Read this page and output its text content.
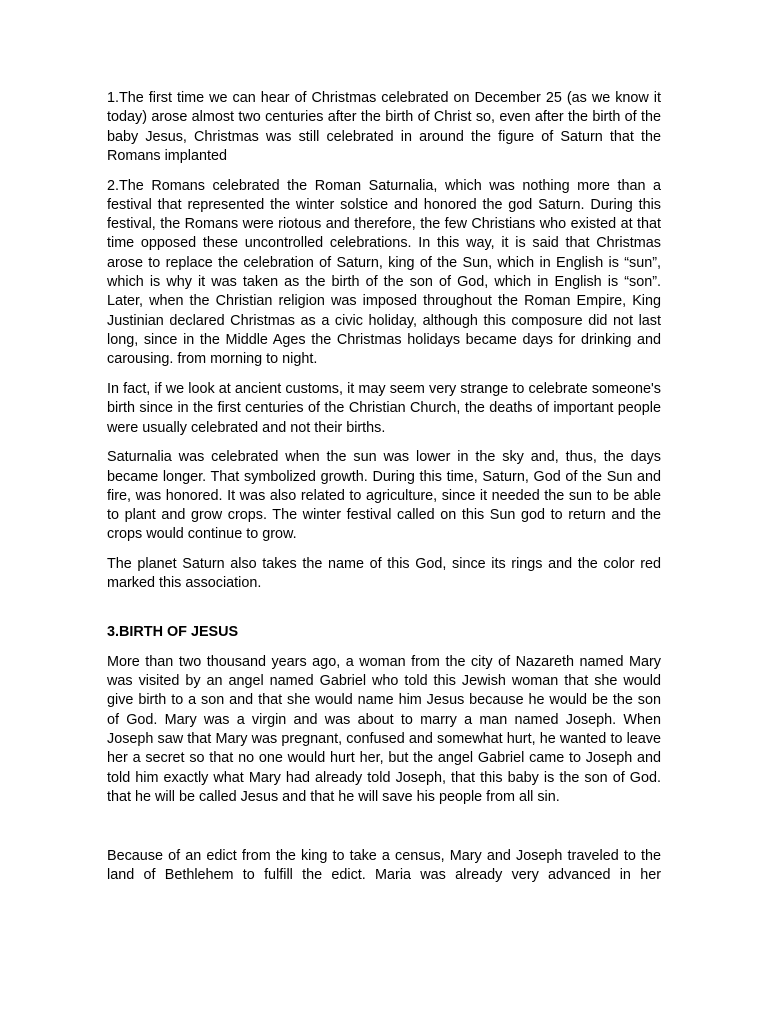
1.The first time we can hear of Christmas celebrated on December 25 (as we know it today) arose almost two centuries after the birth of Christ so, even after the birth of the baby Jesus, Christmas was still celebrated in around the figure of Saturn that the Romans implanted

2.The Romans celebrated the Roman Saturnalia, which was nothing more than a festival that represented the winter solstice and honored the god Saturn. During this festival, the Romans were riotous and therefore, the few Christians who existed at that time opposed these uncontrolled celebrations. In this way, it is said that Christmas arose to replace the celebration of Saturn, king of the Sun, which in English is “sun”, which is why it was taken as the birth of the son of God, which in English is “son”. Later, when the Christian religion was imposed throughout the Roman Empire, King Justinian declared Christmas as a civic holiday, although this composure did not last long, since in the Middle Ages the Christmas holidays became days for drinking and carousing. from morning to night.

In fact, if we look at ancient customs, it may seem very strange to celebrate someone's birth since in the first centuries of the Christian Church, the deaths of important people were usually celebrated and not their births.

Saturnalia was celebrated when the sun was lower in the sky and, thus, the days became longer. That symbolized growth. During this time, Saturn, God of the Sun and fire, was honored. It was also related to agriculture, since it needed the sun to be able to plant and grow crops. The winter festival called on this Sun god to return and the crops would continue to grow.

The planet Saturn also takes the name of this God, since its rings and the color red marked this association.

3.BIRTH OF JESUS

More than two thousand years ago, a woman from the city of Nazareth named Mary was visited by an angel named Gabriel who told this Jewish woman that she would give birth to a son and that she would name him Jesus because he would be the son of God. Mary was a virgin and was about to marry a man named Joseph. When Joseph saw that Mary was pregnant, confused and somewhat hurt, he wanted to leave her a secret so that no one would hurt her, but the angel Gabriel came to Joseph and told him exactly what Mary had already told Joseph, that this baby is the son of God. that he will be called Jesus and that he will save his people from all sin.

Because of an edict from the king to take a census, Mary and Joseph traveled to the land of Bethlehem to fulfill the edict. Maria was already very advanced in her
